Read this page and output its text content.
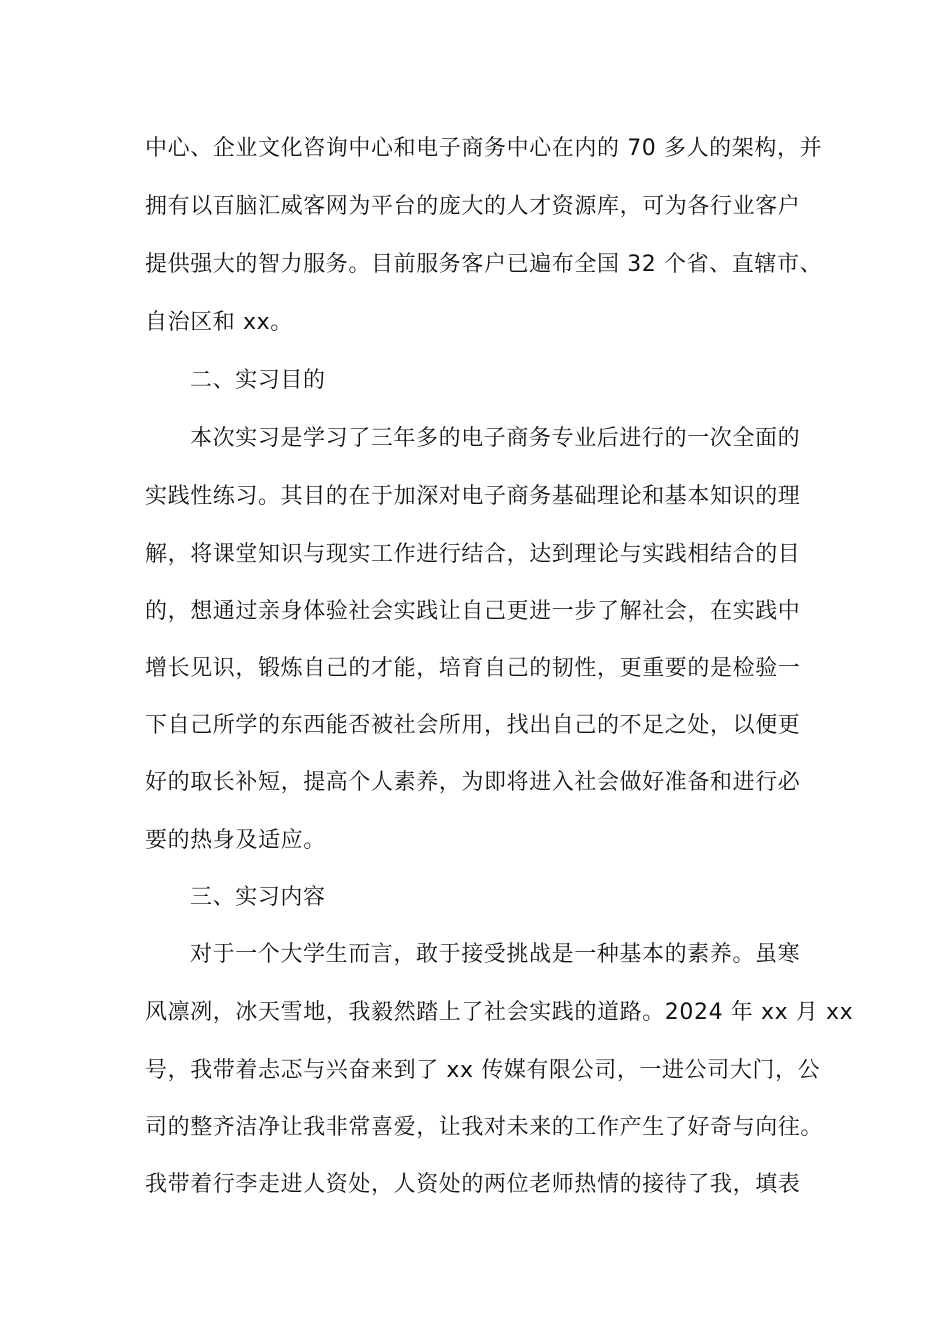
中心、企业文化咨询中心和电子商务中心在内的 70 多人的架构，并
拥有以百脑汇威客网为平台的庞大的人才资源库，可为各行业客户
提供强大的智力服务。目前服务客户已遍布全国 32 个省、直辖市、
自治区和 xx。
二、实习目的
本次实习是学习了三年多的电子商务专业后进行的一次全面的
实践性练习。其目的在于加深对电子商务基础理论和基本知识的理
解，将课堂知识与现实工作进行结合，达到理论与实践相结合的目
的，想通过亲身体验社会实践让自己更进一步了解社会，在实践中
增长见识，锻炼自己的才能，培育自己的韧性，更重要的是检验一
下自己所学的东西能否被社会所用，找出自己的不足之处，以便更
好的取长补短，提高个人素养，为即将进入社会做好准备和进行必
要的热身及适应。
三、实习内容
对于一个大学生而言，敢于接受挑战是一种基本的素养。虽寒
风凛冽，冰天雪地，我毅然踏上了社会实践的道路。2024 年 xx 月 xx
号，我带着忐忑与兴奋来到了 xx 传媒有限公司，一进公司大门，公
司的整齐洁净让我非常喜爱，让我对未来的工作产生了好奇与向往。
我带着行李走进人资处，人资处的两位老师热情的接待了我，填表
